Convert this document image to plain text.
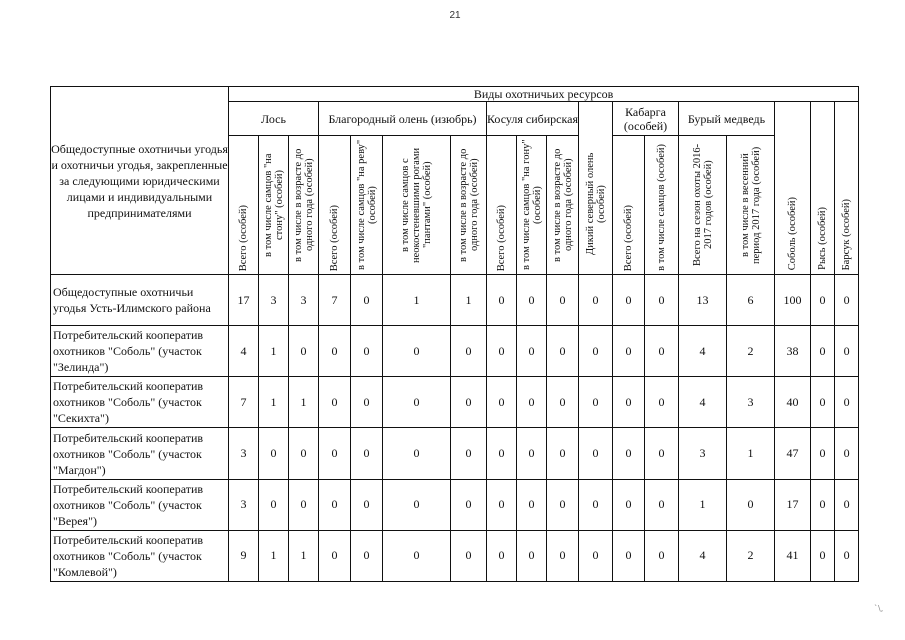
21
Общедоступные охотничьи угодья и охотничьи угодья, закрепленные за следующими юридическими лицами и индивидуальными предпринимателями	Виды охотничьих ресурсов																	
	Лось			Благородный олень (изюбрь)				Косуля сибирская			Дикий северный олень (особей)	Кабарга (особей)		Бурый медведь		Соболь (особей)	Рысь (особей)	Барсук (особей)

	Всего (особей)	в том числе самцов "на стону" (особей)	в том числе в возрасте до одного года (особей)	Всего (особей)	в том числе самцов "на реву" (особей)	в том числе самцов с неокостеневшими рогами "пантами" (особей)	в том числе в возрасте до одного года (особей)	Всего (особей)	в том числе самцов "на гону" (особей)	в том числе в возрасте до одного года (особей)		Всего (особей)	в том числе самцов (особей)	Всего на сезон охоты 2016-2017 годов (особей)	в том числе в весенний период 2017 года (особей)			

Общедоступные охотничьи угодья Усть-Илимского района	17	3	3	7	0	1	1	0	0	0	0	0	0	13	6	100	0	0
Потребительский кооператив охотников "Соболь" (участок "Зелинда")	4	1	0	0	0	0	0	0	0	0	0	0	0	4	2	38	0	0
Потребительский кооператив охотников "Соболь" (участок "Секихта")	7	1	1	0	0	0	0	0	0	0	0	0	0	4	3	40	0	0
Потребительский кооператив охотников "Соболь" (участок "Магдон")	3	0	0	0	0	0	0	0	0	0	0	0	0	3	1	47	0	0
Потребительский кооператив охотников "Соболь" (участок "Верея")	3	0	0	0	0	0	0	0	0	0	0	0	0	1	0	17	0	0
Потребительский кооператив охотников "Соболь" (участок "Комлевой")	9	1	1	0	0	0	0	0	0	0	0	0	0	4	2	41	0	0
`\,
